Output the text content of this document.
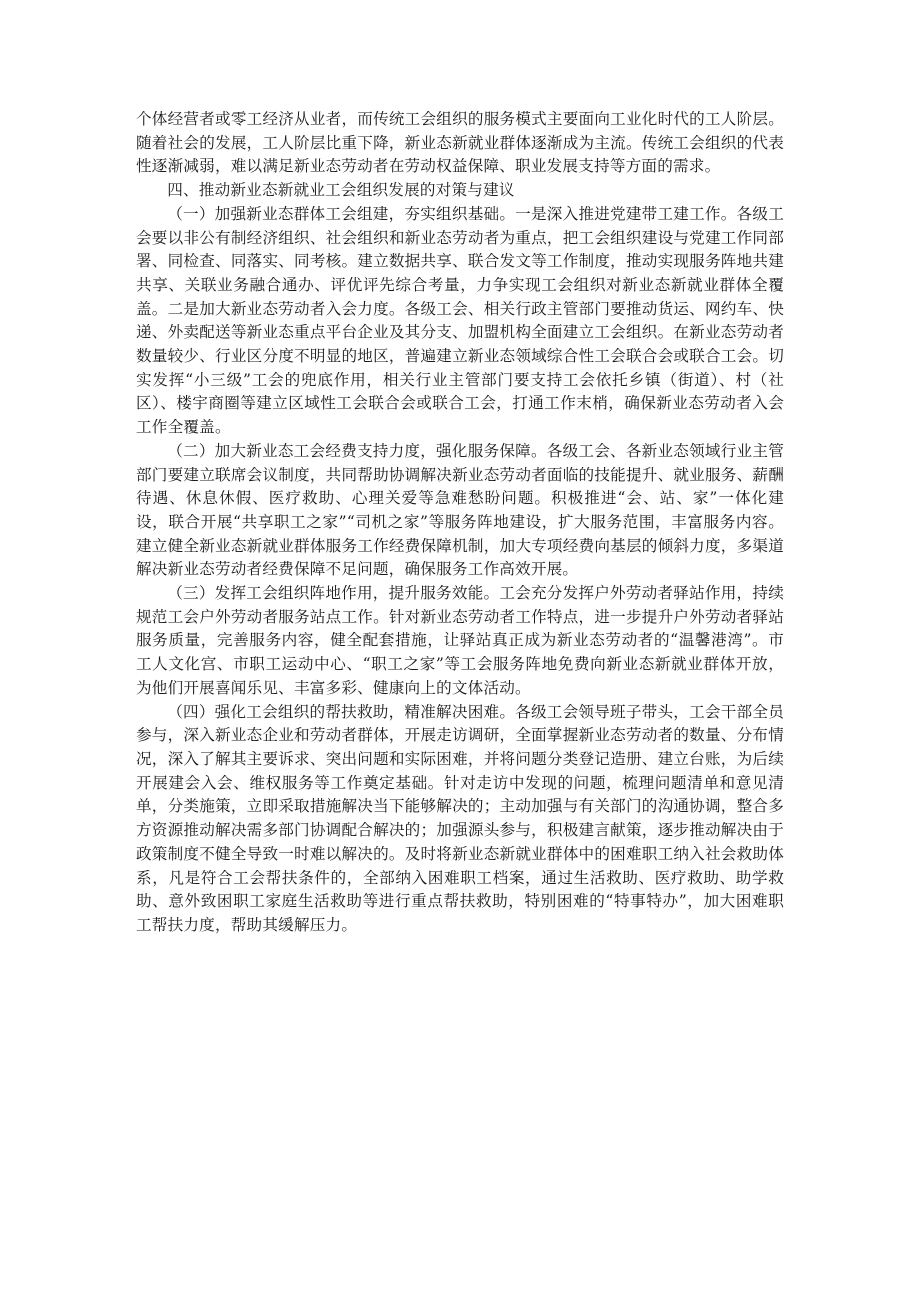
个体经营者或零工经济从业者，而传统工会组织的服务模式主要面向工业化时代的工人阶层。随着社会的发展，工人阶层比重下降，新业态新就业群体逐渐成为主流。传统工会组织的代表性逐渐减弱，难以满足新业态劳动者在劳动权益保障、职业发展支持等方面的需求。

四、推动新业态新就业工会组织发展的对策与建议

（一）加强新业态群体工会组建，夯实组织基础。一是深入推进党建带工建工作。各级工会要以非公有制经济组织、社会组织和新业态劳动者为重点，把工会组织建设与党建工作同部署、同检查、同落实、同考核。建立数据共享、联合发文等工作制度，推动实现服务阵地共建共享、关联业务融合通办、评优评先综合考量，力争实现工会组织对新业态新就业群体全覆盖。二是加大新业态劳动者入会力度。各级工会、相关行政主管部门要推动货运、网约车、快递、外卖配送等新业态重点平台企业及其分支、加盟机构全面建立工会组织。在新业态劳动者数量较少、行业区分度不明显的地区，普遍建立新业态领域综合性工会联合会或联合工会。切实发挥“小三级”工会的兜底作用，相关行业主管部门要支持工会依托乡镇（街道）、村（社区）、楼宇商圈等建立区域性工会联合会或联合工会，打通工作末梢，确保新业态劳动者入会工作全覆盖。

（二）加大新业态工会经费支持力度，强化服务保障。各级工会、各新业态领域行业主管部门要建立联席会议制度，共同帮助协调解决新业态劳动者面临的技能提升、就业服务、薪酬待遇、休息休假、医疗救助、心理关爱等急难愁盼问题。积极推进“会、站、家”一体化建设，联合开展“共享职工之家”“司机之家”等服务阵地建设，扩大服务范围，丰富服务内容。建立健全新业态新就业群体服务工作经费保障机制，加大专项经费向基层的倾斜力度，多渠道解决新业态劳动者经费保障不足问题，确保服务工作高效开展。

（三）发挥工会组织阵地作用，提升服务效能。工会充分发挥户外劳动者驿站作用，持续规范工会户外劳动者服务站点工作。针对新业态劳动者工作特点，进一步提升户外劳动者驿站服务质量，完善服务内容，健全配套措施，让驿站真正成为新业态劳动者的“温馨港湾”。市工人文化宫、市职工运动中心、“职工之家”等工会服务阵地免费向新业态新就业群体开放，为他们开展喜闻乐见、丰富多彩、健康向上的文体活动。

（四）强化工会组织的帮扶救助，精准解决困难。各级工会领导班子带头，工会干部全员参与，深入新业态企业和劳动者群体，开展走访调研，全面掌握新业态劳动者的数量、分布情况，深入了解其主要诉求、突出问题和实际困难，并将问题分类登记造册、建立台账，为后续开展建会入会、维权服务等工作奠定基础。针对走访中发现的问题，梳理问题清单和意见清单，分类施策，立即采取措施解决当下能够解决的；主动加强与有关部门的沟通协调，整合多方资源推动解决需多部门协调配合解决的；加强源头参与，积极建言献策，逐步推动解决由于政策制度不健全导致一时难以解决的。及时将新业态新就业群体中的困难职工纳入社会救助体系，凡是符合工会帮扶条件的，全部纳入困难职工档案，通过生活救助、医疗救助、助学救助、意外致困职工家庭生活救助等进行重点帮扶救助，特别困难的“特事特办”，加大困难职工帮扶力度，帮助其缓解压力。
